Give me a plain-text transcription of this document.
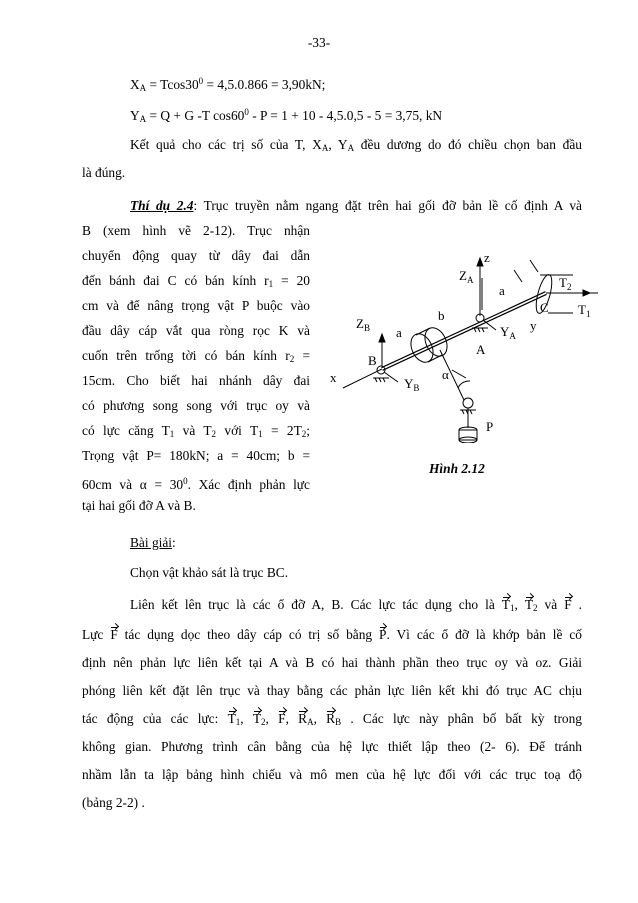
-33-
$X_A = Tcos30^0 = 4,5.0.866 = 3,90kN$;
$Y_A = Q + G$ -T $\cos 60^0 - P = 1 + 10 - 4,5.0,5 - 5 = 3,75$, kN
Kết quả cho các trị số của T, $X_A$, $Y_A$ đều dương do đó chiều chọn ban đầu
là đúng.
Thí dụ 2.4: Trục truyền nằm ngang đặt trên hai gối đỡ bản lề cố định A và
B (xem hình vẽ 2-12). Trục nhận
chuyển động quay từ dây đai dẫn
đến bánh đai C có bán kính $r_1 = 20$
cm và để nâng trọng vật P buộc vào
đầu dây cáp vắt qua ròng rọc K và
cuốn trên trống tời có bán kính $r_2$ =
15cm. Cho biết hai nhánh dây đai
có phương song song với trục oy và
có lực căng $T_1$ và $T_2$ với $T_1 = 2T_2$;
Trọng vật P= 180kN; a = 40cm; b =
60cm và $\alpha = 30^0$. Xác định phản lực
tại hai gối đỡ A và B.
z
$Z_A$
a
$T_2$
$T_1$
C
b
$Z_B$ a	y
$Y_A$
A
B
x	$Y_B$
α
P
Hình 2.12
Bài giải:
Chọn vật khảo sát là trục BC.
Liên kết lên trục là các ổ đỡ A, B. Các lực tác dụng cho là $T_1$, $T_2$ và F .
Lực F tác dụng dọc theo dây cáp có trị số bằng P. Vì các ổ đỡ là khớp bản lề cố
định nên phản lực liên kết tại A và B có hai thành phần theo trục oy và oz. Giải
phóng liên kết đặt lên trục và thay bằng các phản lực liên kết khi đó trục AC chịu
tác động của các lực: $T_1$, $T_2$, F, $R_A$, $R_B$ . Các lực này phân bố bất kỳ trong
không gian. Phương trình cân bằng của hệ lực thiết lập theo (2- 6). Để tránh
nhầm lẫn ta lập bảng hình chiếu và mô men của hệ lực đối với các trục toạ độ
(bảng 2-2) .
